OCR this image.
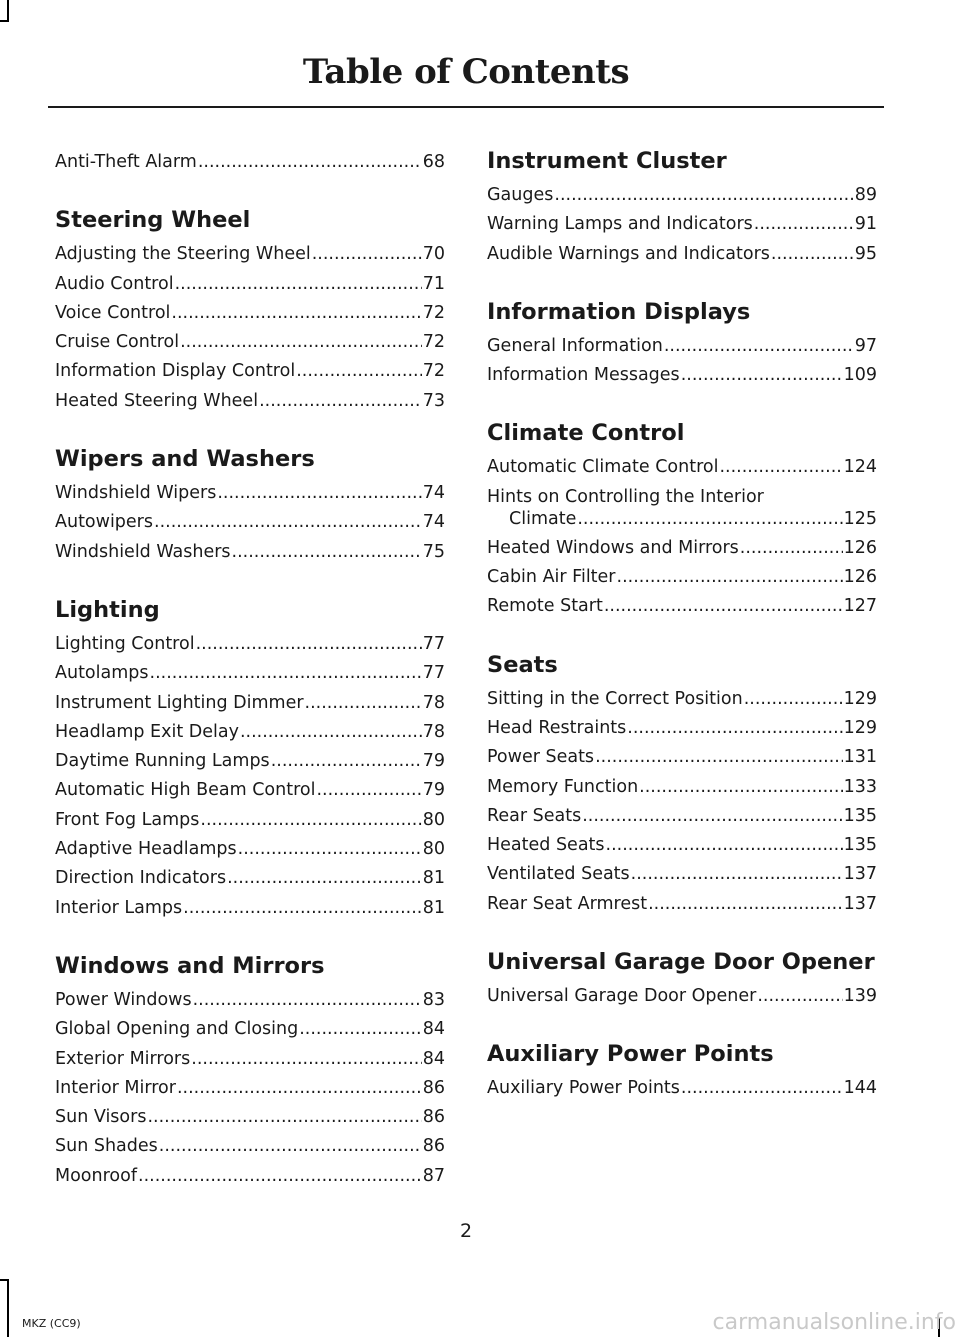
Table of Contents
Anti-Theft Alarm .....	68
Steering Wheel
Adjusting the Steering Wheel .....	70
Audio Control .....	71
Voice Control .....	72
Cruise Control .....	72
Information Display Control .....	72
Heated Steering Wheel .....	73
Wipers and Washers
Windshield Wipers .....	74
Autowipers .....	74
Windshield Washers .....	75
Lighting
Lighting Control .....	77
Autolamps .....	77
Instrument Lighting Dimmer .....	78
Headlamp Exit Delay .....	78
Daytime Running Lamps .....	79
Automatic High Beam Control .....	79
Front Fog Lamps .....	80
Adaptive Headlamps .....	80
Direction Indicators .....	81
Interior Lamps .....	81
Windows and Mirrors
Power Windows .....	83
Global Opening and Closing .....	84
Exterior Mirrors .....	84
Interior Mirror .....	86
Sun Visors .....	86
Sun Shades .....	86
Moonroof .....	87
Instrument Cluster
Gauges .....	89
Warning Lamps and Indicators .....	91
Audible Warnings and Indicators .....	95
Information Displays
General Information .....	97
Information Messages .....	109
Climate Control
Automatic Climate Control .....	124
Hints on Controlling the Interior
Climate .....	125
Heated Windows and Mirrors .....	126
Cabin Air Filter .....	126
Remote Start .....	127
Seats
Sitting in the Correct Position .....	129
Head Restraints .....	129
Power Seats .....	131
Memory Function .....	133
Rear Seats .....	135
Heated Seats .....	135
Ventilated Seats .....	137
Rear Seat Armrest .....	137
Universal Garage Door Opener
Universal Garage Door Opener .....	139
Auxiliary Power Points
Auxiliary Power Points .....	144
2
MKZ (CC9)	carmanualsonline.info
